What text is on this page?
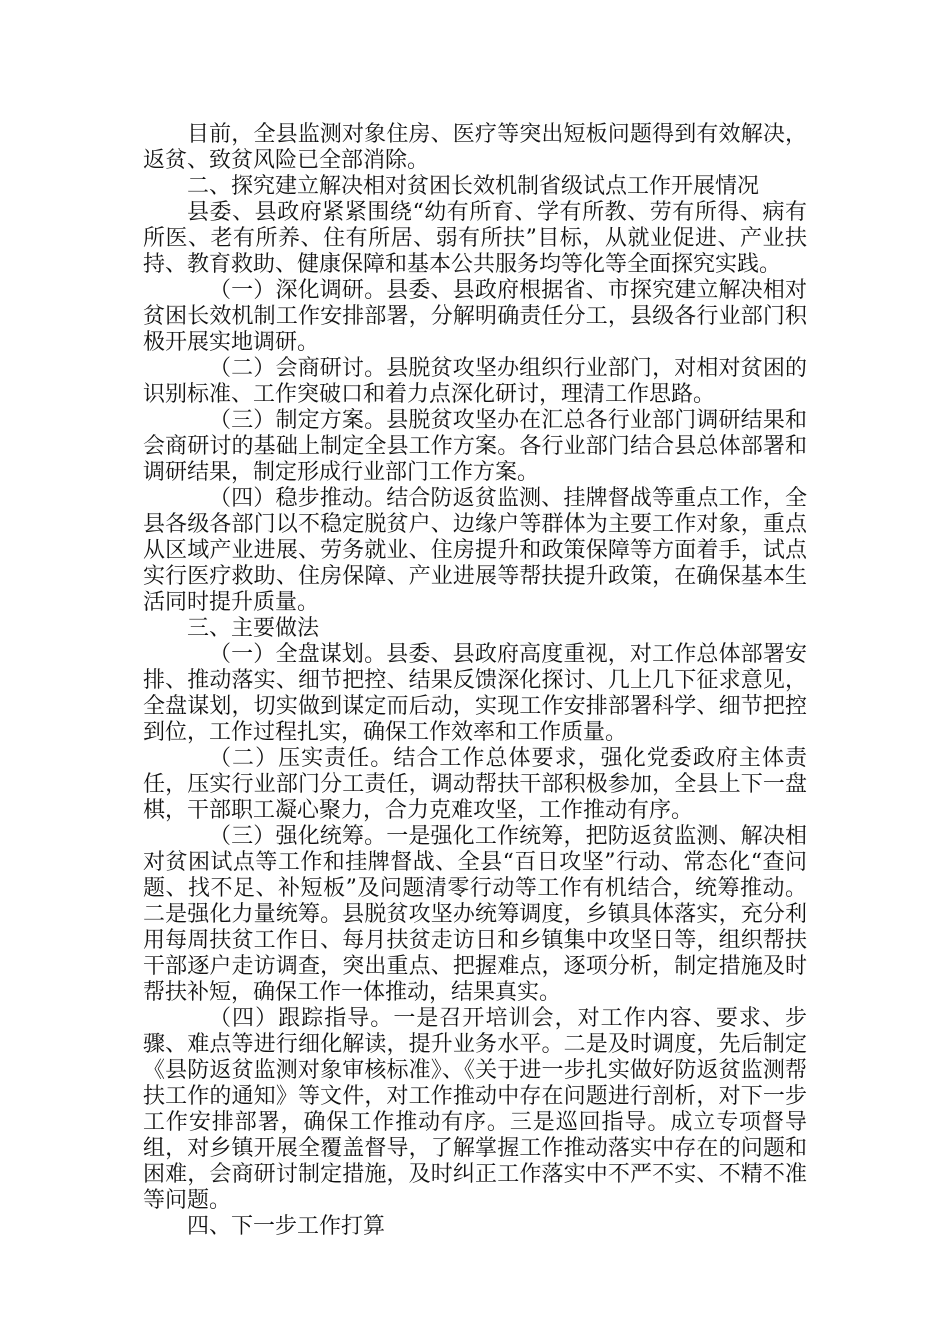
目前，全县监测对象住房、医疗等突出短板问题得到有效解决，返贫、致贫风险已全部消除。

二、探究建立解决相对贫困长效机制省级试点工作开展情况

县委、县政府紧紧围绕“幼有所育、学有所教、劳有所得、病有所医、老有所养、住有所居、弱有所扶”目标，从就业促进、产业扶持、教育救助、健康保障和基本公共服务均等化等全面探究实践。

（一）深化调研。县委、县政府根据省、市探究建立解决相对贫困长效机制工作安排部署，分解明确责任分工，县级各行业部门积极开展实地调研。

（二）会商研讨。县脱贫攻坚办组织行业部门，对相对贫困的识别标准、工作突破口和着力点深化研讨，理清工作思路。

（三）制定方案。县脱贫攻坚办在汇总各行业部门调研结果和会商研讨的基础上制定全县工作方案。各行业部门结合县总体部署和调研结果，制定形成行业部门工作方案。

（四）稳步推动。结合防返贫监测、挂牌督战等重点工作，全县各级各部门以不稳定脱贫户、边缘户等群体为主要工作对象，重点从区域产业进展、劳务就业、住房提升和政策保障等方面着手，试点实行医疗救助、住房保障、产业进展等帮扶提升政策，在确保基本生活同时提升质量。

三、主要做法

（一）全盘谋划。县委、县政府高度重视，对工作总体部署安排、推动落实、细节把控、结果反馈深化探讨、几上几下征求意见，全盘谋划，切实做到谋定而后动，实现工作安排部署科学、细节把控到位，工作过程扎实，确保工作效率和工作质量。

（二）压实责任。结合工作总体要求，强化党委政府主体责任，压实行业部门分工责任，调动帮扶干部积极参加，全县上下一盘棋，干部职工凝心聚力，合力克难攻坚，工作推动有序。

（三）强化统筹。一是强化工作统筹，把防返贫监测、解决相对贫困试点等工作和挂牌督战、全县“百日攻坚”行动、常态化“查问题、找不足、补短板”及问题清零行动等工作有机结合，统筹推动。二是强化力量统筹。县脱贫攻坚办统筹调度，乡镇具体落实，充分利用每周扶贫工作日、每月扶贫走访日和乡镇集中攻坚日等，组织帮扶干部逐户走访调查，突出重点、把握难点，逐项分析，制定措施及时帮扶补短，确保工作一体推动，结果真实。

（四）跟踪指导。一是召开培训会，对工作内容、要求、步骤、难点等进行细化解读，提升业务水平。二是及时调度，先后制定《县防返贫监测对象审核标准》、《关于进一步扎实做好防返贫监测帮扶工作的通知》等文件，对工作推动中存在问题进行剖析，对下一步工作安排部署，确保工作推动有序。三是巡回指导。成立专项督导组，对乡镇开展全覆盖督导，了解掌握工作推动落实中存在的问题和困难，会商研讨制定措施，及时纠正工作落实中不严不实、不精不准等问题。

四、下一步工作打算
